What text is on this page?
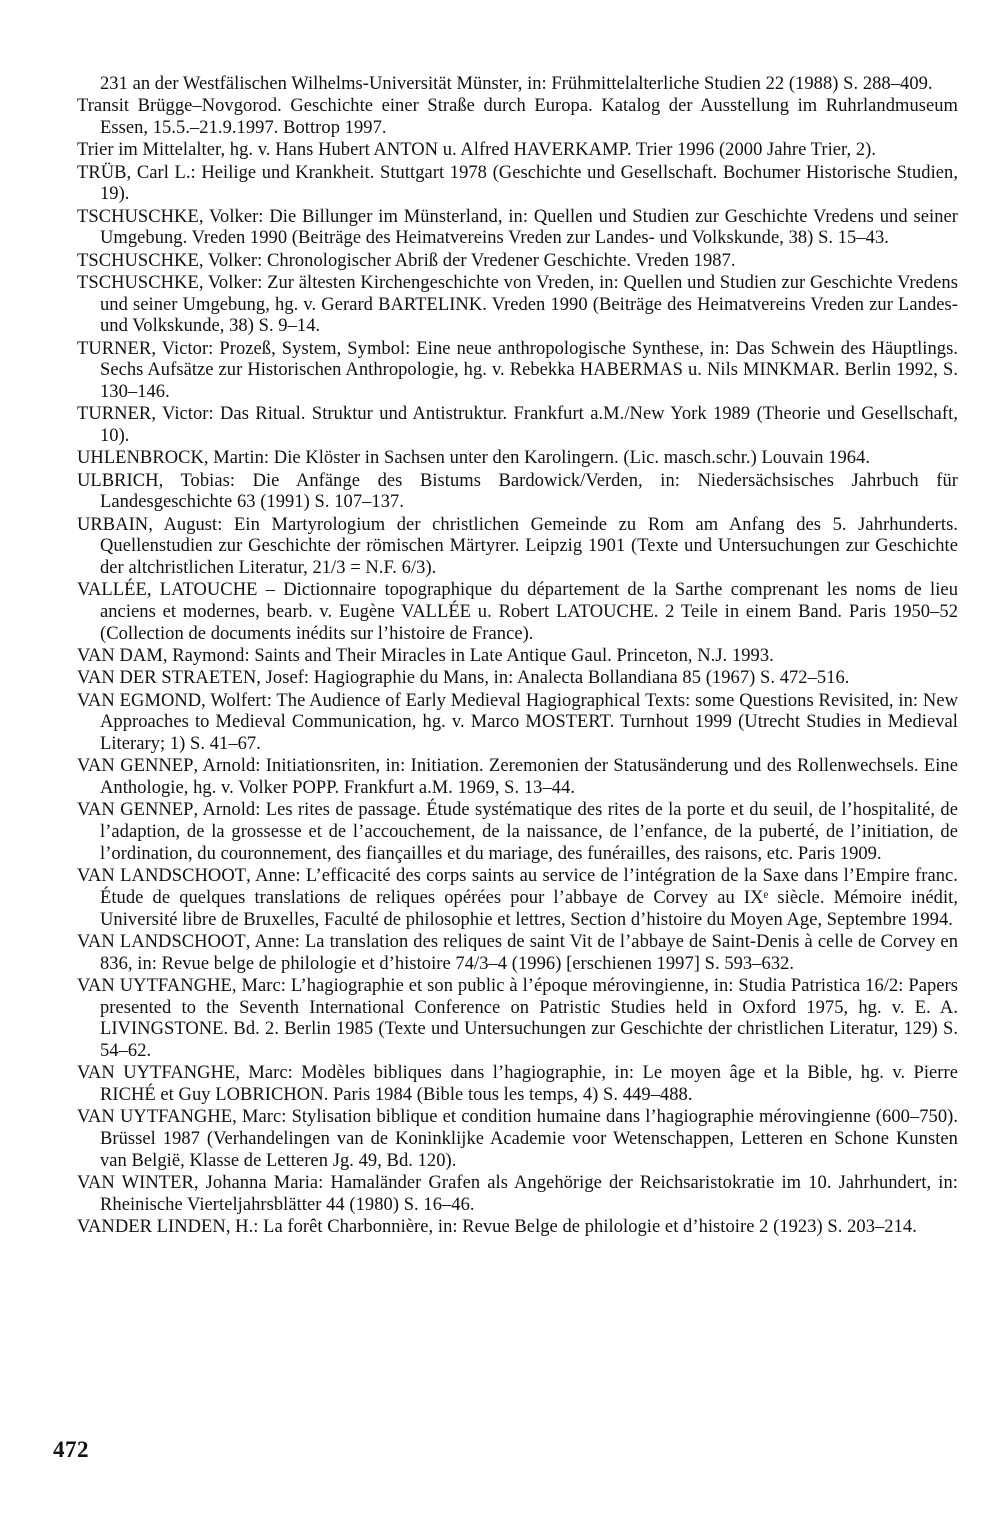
231 an der Westfälischen Wilhelms-Universität Münster, in: Frühmittelalterliche Studien 22 (1988) S. 288–409.

Transit Brügge–Novgorod. Geschichte einer Straße durch Europa. Katalog der Ausstellung im Ruhrlandmuseum Essen, 15.5.–21.9.1997. Bottrop 1997.

Trier im Mittelalter, hg. v. Hans Hubert ANTON u. Alfred HAVERKAMP. Trier 1996 (2000 Jahre Trier, 2).

TRÜB, Carl L.: Heilige und Krankheit. Stuttgart 1978 (Geschichte und Gesellschaft. Bochumer Historische Studien, 19).

TSCHUSCHKE, Volker: Die Billunger im Münsterland, in: Quellen und Studien zur Geschichte Vredens und seiner Umgebung. Vreden 1990 (Beiträge des Heimatvereins Vreden zur Landes- und Volkskunde, 38) S. 15–43.

TSCHUSCHKE, Volker: Chronologischer Abriß der Vredener Geschichte. Vreden 1987.

TSCHUSCHKE, Volker: Zur ältesten Kirchengeschichte von Vreden, in: Quellen und Studien zur Geschichte Vredens und seiner Umgebung, hg. v. Gerard BARTELINK. Vreden 1990 (Beiträge des Heimatvereins Vreden zur Landes- und Volkskunde, 38) S. 9–14.

TURNER, Victor: Prozeß, System, Symbol: Eine neue anthropologische Synthese, in: Das Schwein des Häuptlings. Sechs Aufsätze zur Historischen Anthropologie, hg. v. Rebekka HABERMAS u. Nils MINKMAR. Berlin 1992, S. 130–146.

TURNER, Victor: Das Ritual. Struktur und Antistruktur. Frankfurt a.M./New York 1989 (Theorie und Gesellschaft, 10).

UHLENBROCK, Martin: Die Klöster in Sachsen unter den Karolingern. (Lic. masch.schr.) Louvain 1964.

ULBRICH, Tobias: Die Anfänge des Bistums Bardowick/Verden, in: Niedersächsisches Jahrbuch für Landesgeschichte 63 (1991) S. 107–137.

URBAIN, August: Ein Martyrologium der christlichen Gemeinde zu Rom am Anfang des 5. Jahrhunderts. Quellenstudien zur Geschichte der römischen Märtyrer. Leipzig 1901 (Texte und Untersuchungen zur Geschichte der altchristlichen Literatur, 21/3 = N.F. 6/3).

VALLÉE, LATOUCHE – Dictionnaire topographique du département de la Sarthe comprenant les noms de lieu anciens et modernes, bearb. v. Eugène VALLÉE u. Robert LATOUCHE. 2 Teile in einem Band. Paris 1950–52 (Collection de documents inédits sur l’histoire de France).

VAN DAM, Raymond: Saints and Their Miracles in Late Antique Gaul. Princeton, N.J. 1993.

VAN DER STRAETEN, Josef: Hagiographie du Mans, in: Analecta Bollandiana 85 (1967) S. 472–516.

VAN EGMOND, Wolfert: The Audience of Early Medieval Hagiographical Texts: some Questions Revisited, in: New Approaches to Medieval Communication, hg. v. Marco MOSTERT. Turnhout 1999 (Utrecht Studies in Medieval Literary; 1) S. 41–67.

VAN GENNEP, Arnold: Initiationsriten, in: Initiation. Zeremonien der Statusänderung und des Rollenwechsels. Eine Anthologie, hg. v. Volker POPP. Frankfurt a.M. 1969, S. 13–44.

VAN GENNEP, Arnold: Les rites de passage. Étude systématique des rites de la porte et du seuil, de l’hospitalité, de l’adaption, de la grossesse et de l’accouchement, de la naissance, de l’enfance, de la puberté, de l’initiation, de l’ordination, du couronnement, des fiançailles et du mariage, des funérailles, des raisons, etc. Paris 1909.

VAN LANDSCHOOT, Anne: L’efficacité des corps saints au service de l’intégration de la Saxe dans l’Empire franc. Étude de quelques translations de reliques opérées pour l’abbaye de Corvey au IXᵉ siècle. Mémoire inédit, Université libre de Bruxelles, Faculté de philosophie et lettres, Section d’histoire du Moyen Age, Septembre 1994.

VAN LANDSCHOOT, Anne: La translation des reliques de saint Vit de l’abbaye de Saint-Denis à celle de Corvey en 836, in: Revue belge de philologie et d’histoire 74/3–4 (1996) [erschienen 1997] S. 593–632.

VAN UYTFANGHE, Marc: L’hagiographie et son public à l’époque mérovingienne, in: Studia Patristica 16/2: Papers presented to the Seventh International Conference on Patristic Studies held in Oxford 1975, hg. v. E. A. LIVINGSTONE. Bd. 2. Berlin 1985 (Texte und Untersuchungen zur Geschichte der christlichen Literatur, 129) S. 54–62.

VAN UYTFANGHE, Marc: Modèles bibliques dans l’hagiographie, in: Le moyen âge et la Bible, hg. v. Pierre RICHÉ et Guy LOBRICHON. Paris 1984 (Bible tous les temps, 4) S. 449–488.

VAN UYTFANGHE, Marc: Stylisation biblique et condition humaine dans l’hagiographie mérovingienne (600–750). Brüssel 1987 (Verhandelingen van de Koninklijke Academie voor Wetenschappen, Letteren en Schone Kunsten van België, Klasse de Letteren Jg. 49, Bd. 120).

VAN WINTER, Johanna Maria: Hamaländer Grafen als Angehörige der Reichsaristokratie im 10. Jahrhundert, in: Rheinische Vierteljahrsblätter 44 (1980) S. 16–46.

VANDER LINDEN, H.: La forêt Charbonnière, in: Revue Belge de philologie et d’histoire 2 (1923) S. 203–214.

472
